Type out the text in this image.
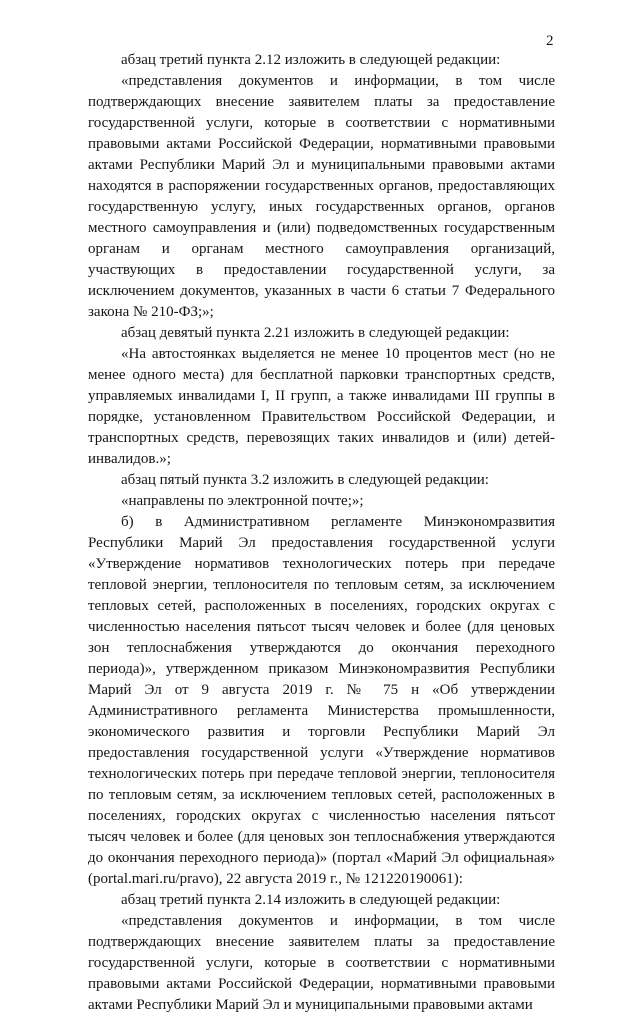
2

абзац третий пункта 2.12 изложить в следующей редакции:

«представления документов и информации, в том числе подтверждающих внесение заявителем платы за предоставление государственной услуги, которые в соответствии с нормативными правовыми актами Российской Федерации, нормативными правовыми актами Республики Марий Эл и муниципальными правовыми актами находятся в распоряжении государственных органов, предоставляющих государственную услугу, иных государственных органов, органов местного самоуправления и (или) подведомственных государственным органам и органам местного самоуправления организаций, участвующих в предоставлении государственной услуги, за исключением документов, указанных в части 6 статьи 7 Федерального закона № 210-ФЗ;»;

абзац девятый пункта 2.21 изложить в следующей редакции:

«На автостоянках выделяется не менее 10 процентов мест (но не менее одного места) для бесплатной парковки транспортных средств, управляемых инвалидами I, II групп, а также инвалидами III группы в порядке, установленном Правительством Российской Федерации, и транспортных средств, перевозящих таких инвалидов и (или) детей-инвалидов.»;

абзац пятый пункта 3.2 изложить в следующей редакции:

«направлены по электронной почте;»;

б) в Административном регламенте Минэкономразвития Республики Марий Эл предоставления государственной услуги «Утверждение нормативов технологических потерь при передаче тепловой энергии, теплоносителя по тепловым сетям, за исключением тепловых сетей, расположенных в поселениях, городских округах с численностью населения пятьсот тысяч человек и более (для ценовых зон теплоснабжения утверждаются до окончания переходного периода)», утвержденном приказом Минэкономразвития Республики Марий Эл от 9 августа 2019 г. № 75 н «Об утверждении Административного регламента Министерства промышленности, экономического развития и торговли Республики Марий Эл предоставления государственной услуги «Утверждение нормативов технологических потерь при передаче тепловой энергии, теплоносителя по тепловым сетям, за исключением тепловых сетей, расположенных в поселениях, городских округах с численностью населения пятьсот тысяч человек и более (для ценовых зон теплоснабжения утверждаются до окончания переходного периода)» (портал «Марий Эл официальная» (portal.mari.ru/pravo), 22 августа 2019 г., № 121220190061):

абзац третий пункта 2.14 изложить в следующей редакции:

«представления документов и информации, в том числе подтверждающих внесение заявителем платы за предоставление государственной услуги, которые в соответствии с нормативными правовыми актами Российской Федерации, нормативными правовыми актами Республики Марий Эл и муниципальными правовыми актами
